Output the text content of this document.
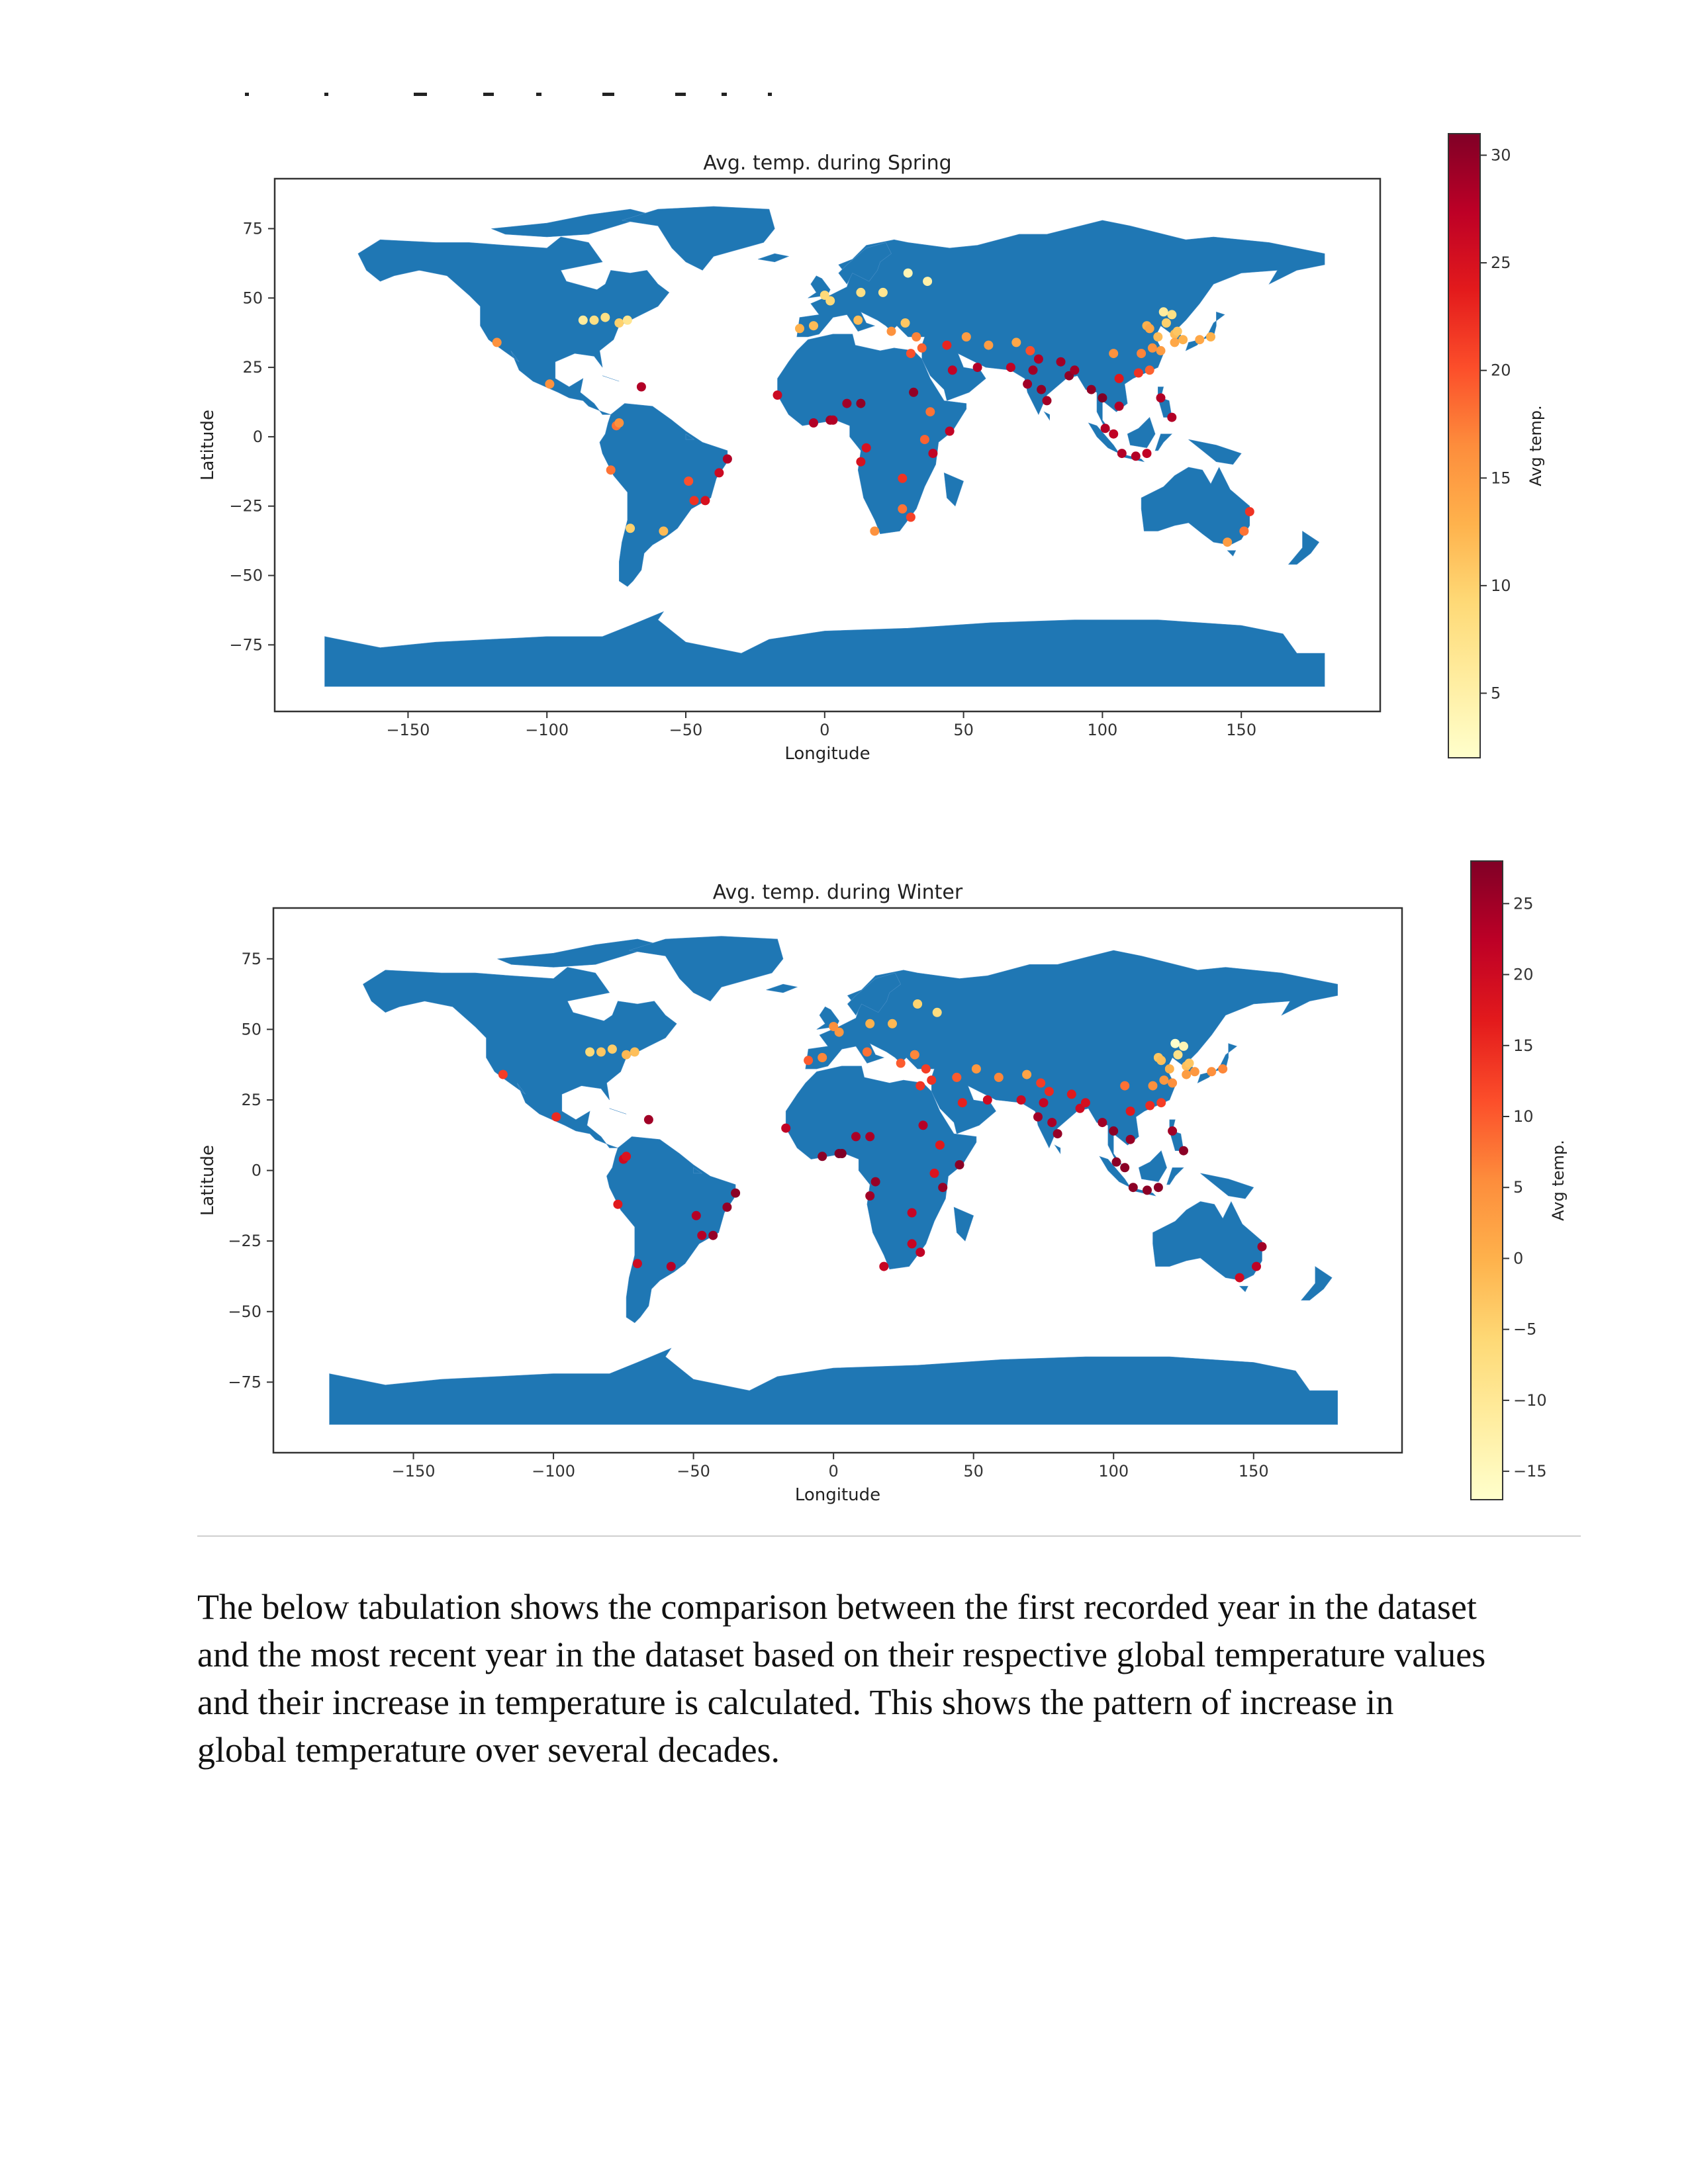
−150	−100	−50	0	50	100	150
75
50
25
0
−25
−50
−75
Avg. temp. during Spring
Longitude
Latitude
30
25
20
15
10
5
Avg temp.
−150	−100	−50	0	50	100	150
75
50
25
0
−25
−50
−75
Avg. temp. during Winter
Longitude
Latitude
25
20
15
10
5
0
−5
−10
−15
Avg temp.
The below tabulation shows the comparison between the first recorded year in the dataset and the most recent year in the dataset based on their respective global temperature values and their increase in temperature is calculated. This shows the pattern of increase in global temperature over several decades.
